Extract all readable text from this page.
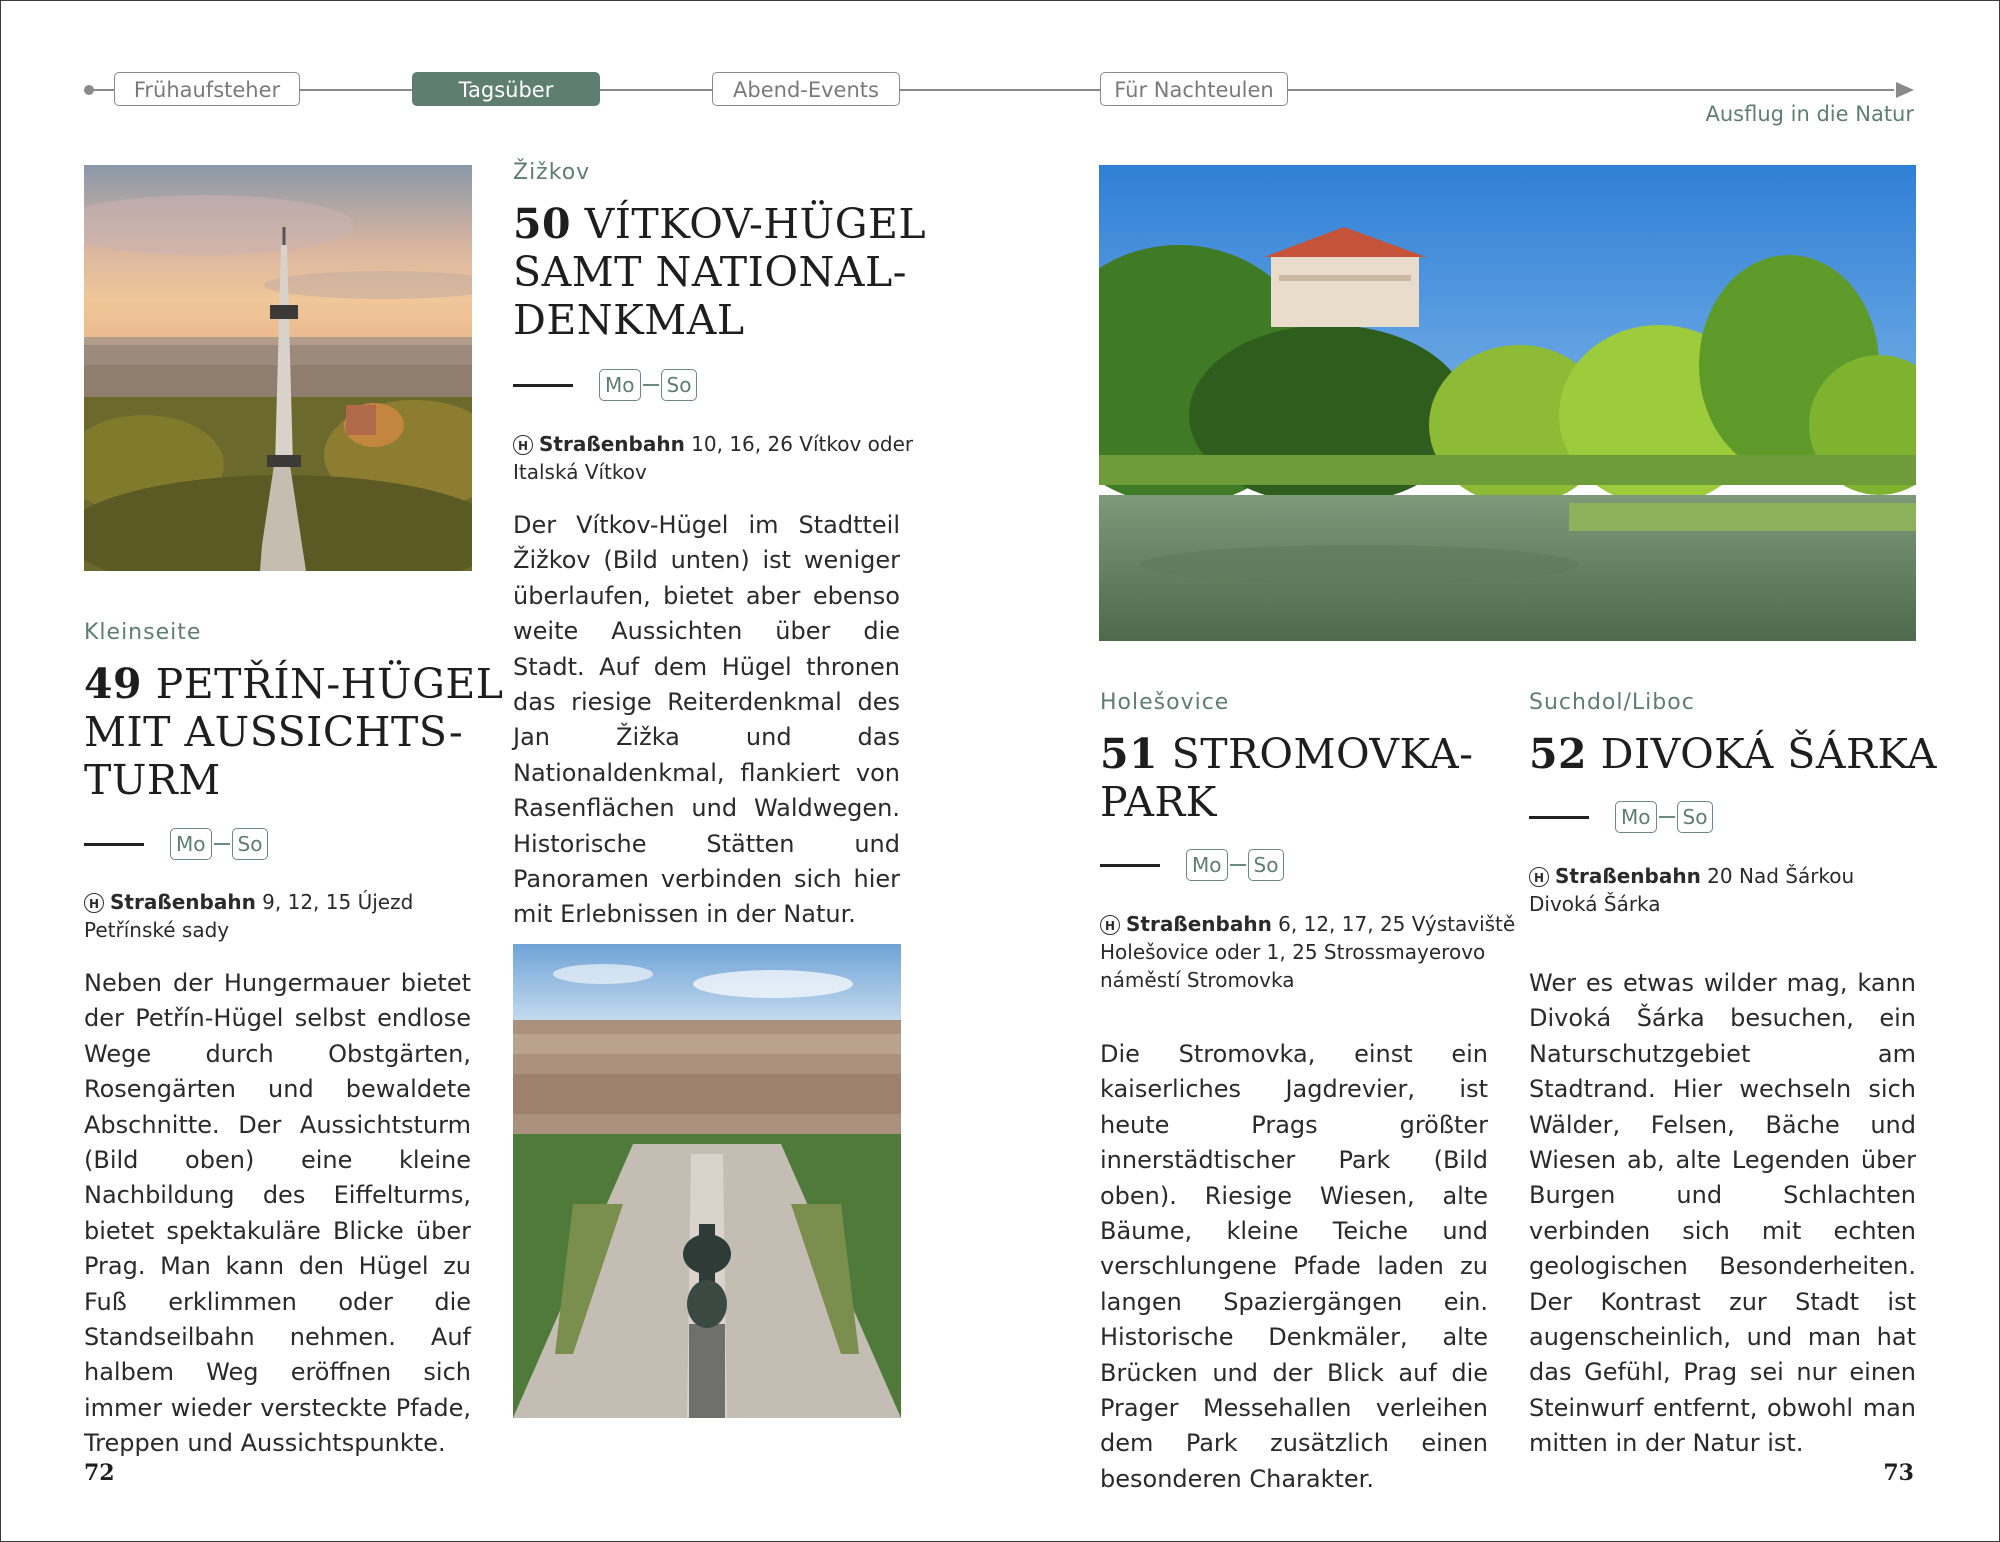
Frühaufsteher	Tagsüber	Abend-Events	Für Nachteulen
Ausflug in die Natur
Kleinseite
49 PETŘÍN-HÜGEL
MIT AUSSICHTS-
TURM
Mo	So
H Straßenbahn 9, 12, 15 Újezd
Petřínské sady
Neben der Hungermauer bietet der Petřín-Hügel selbst endlose Wege durch Obstgärten, Rosengärten und bewaldete Abschnitte. Der Aussichtsturm (Bild oben) eine kleine Nachbildung des Eiffelturms, bietet spektakuläre Blicke über Prag. Man kann den Hügel zu Fuß erklimmen oder die Standseilbahn nehmen. Auf halbem Weg eröffnen sich immer wieder versteckte Pfade, Treppen und Aussichtspunkte.
Žižkov
50 VÍTKOV-HÜGEL
SAMT NATIONAL-
DENKMAL
Mo	So
H Straßenbahn 10, 16, 26 Vítkov oder
Italská Vítkov
Der Vítkov-Hügel im Stadtteil Žižkov (Bild unten) ist weniger überlaufen, bietet aber ebenso weite Aussichten über die Stadt. Auf dem Hügel thronen das riesige Reiterdenkmal des Jan Žižka und das Nationaldenkmal, flankiert von Rasenflächen und Waldwegen. Historische Stätten und Panoramen verbinden sich hier mit Erlebnissen in der Natur.
Holešovice
51 STROMOVKA-
PARK
Mo	So
H Straßenbahn 6, 12, 17, 25 Výstaviště
Holešovice oder 1, 25 Strossmayerovo
náměstí Stromovka
Die Stromovka, einst ein kaiserliches Jagdrevier, ist heute Prags größter innerstädtischer Park (Bild oben). Riesige Wiesen, alte Bäume, kleine Teiche und verschlungene Pfade laden zu langen Spaziergängen ein. Historische Denkmäler, alte Brücken und der Blick auf die Prager Messehallen verleihen dem Park zusätzlich einen besonderen Charakter.
Suchdol/Liboc
52 DIVOKÁ ŠÁRKA
Mo	So
H Straßenbahn 20 Nad Šárkou
Divoká Šárka
Wer es etwas wilder mag, kann Divoká Šárka besuchen, ein Naturschutzgebiet am Stadtrand. Hier wechseln sich Wälder, Felsen, Bäche und Wiesen ab, alte Legenden über Burgen und Schlachten verbinden sich mit echten geologischen Besonderheiten. Der Kontrast zur Stadt ist augenscheinlich, und man hat das Gefühl, Prag sei nur einen Steinwurf entfernt, obwohl man mitten in der Natur ist.
72	73
